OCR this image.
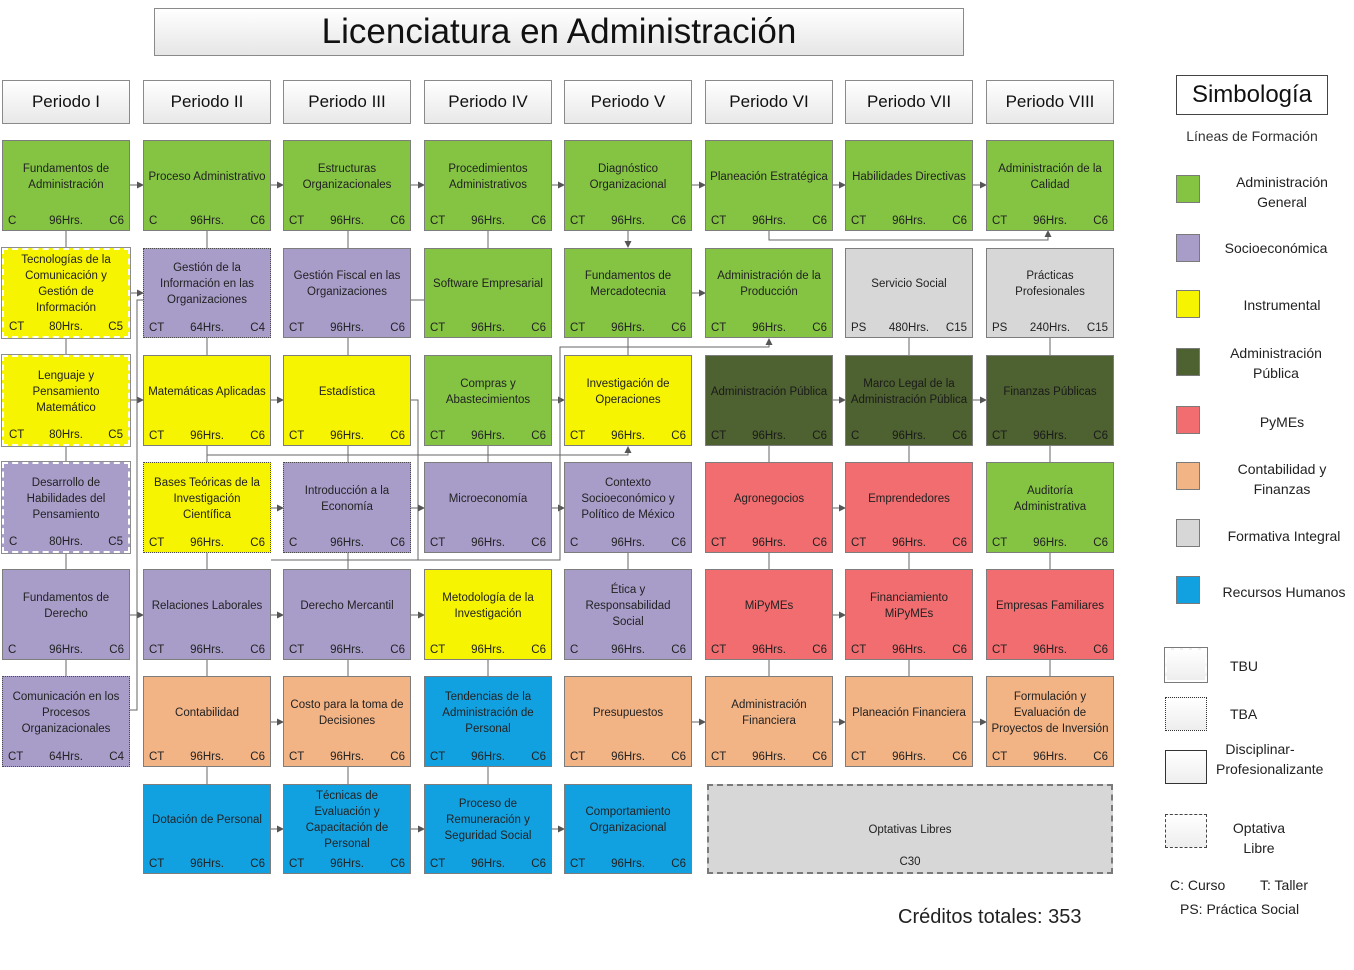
Licenciatura en Administración
Periodo I	Periodo II	Periodo III	Periodo IV	Periodo V	Periodo VI	Periodo VII	Periodo VIII
Fundamentos de Administración
C	96Hrs.	C6
Proceso Administrativo
C	96Hrs.	C6
Estructuras Organizacionales
CT	96Hrs.	C6
Procedimientos Administrativos
CT	96Hrs.	C6
Diagnóstico Organizacional
CT	96Hrs.	C6
Planeación Estratégica
CT	96Hrs.	C6
Habilidades Directivas
CT	96Hrs.	C6
Administración de la Calidad
CT	96Hrs.	C6
Tecnologías de la Comunicación y Gestión de Información
CT	80Hrs.	C5
Gestión de la Información en las Organizaciones
CT	64Hrs.	C4
Gestión Fiscal en las Organizaciones
CT	96Hrs.	C6
Software Empresarial
CT	96Hrs.	C6
Fundamentos de Mercadotecnia
CT	96Hrs.	C6
Administración de la Producción
CT	96Hrs.	C6
Servicio Social
PS	480Hrs.	C15
Prácticas Profesionales
PS	240Hrs.	C15
Lenguaje y Pensamiento Matemático
CT	80Hrs.	C5
Matemáticas Aplicadas
CT	96Hrs.	C6
Estadística
CT	96Hrs.	C6
Compras y Abastecimientos
CT	96Hrs.	C6
Investigación de Operaciones
CT	96Hrs.	C6
Administración Pública
CT	96Hrs.	C6
Marco Legal de la Administración Pública
C	96Hrs.	C6
Finanzas Públicas
CT	96Hrs.	C6
Desarrollo de Habilidades del Pensamiento
C	80Hrs.	C5
Bases Teóricas de la Investigación Científica
CT	96Hrs.	C6
Introducción a la Economía
C	96Hrs.	C6
Microeconomía
CT	96Hrs.	C6
Contexto Socioeconómico y Político de México
C	96Hrs.	C6
Agronegocios
CT	96Hrs.	C6
Emprendedores
CT	96Hrs.	C6
Auditoría Administrativa
CT	96Hrs.	C6
Fundamentos de Derecho
C	96Hrs.	C6
Relaciones Laborales
CT	96Hrs.	C6
Derecho Mercantil
CT	96Hrs.	C6
Metodología de la Investigación
CT	96Hrs.	C6
Ética y Responsabilidad Social
C	96Hrs.	C6
MiPyMEs
CT	96Hrs.	C6
Financiamiento MiPyMEs
CT	96Hrs.	C6
Empresas Familiares
CT	96Hrs.	C6
Comunicación en los Procesos Organizacionales
CT	64Hrs.	C4
Contabilidad
CT	96Hrs.	C6
Costo para la toma de Decisiones
CT	96Hrs.	C6
Tendencias de la Administración de Personal
CT	96Hrs.	C6
Presupuestos
CT	96Hrs.	C6
Administración Financiera
CT	96Hrs.	C6
Planeación Financiera
CT	96Hrs.	C6
Formulación y Evaluación de Proyectos de Inversión
CT	96Hrs.	C6
Dotación de Personal
CT	96Hrs.	C6
Técnicas de Evaluación y Capacitación de Personal
CT	96Hrs.	C6
Proceso de Remuneración y Seguridad Social
CT	96Hrs.	C6
Comportamiento Organizacional
CT	96Hrs.	C6
Optativas Libres
C30
Simbología
Líneas de Formación
Administración General
Socioeconómica
Instrumental
Administración Pública
PyMEs
Contabilidad y Finanzas
Formativa Integral
Recursos Humanos
TBU
TBA
Disciplinar-Profesionalizante
Optativa Libre
C: Curso T: Taller
PS: Práctica Social
Créditos totales: 353
